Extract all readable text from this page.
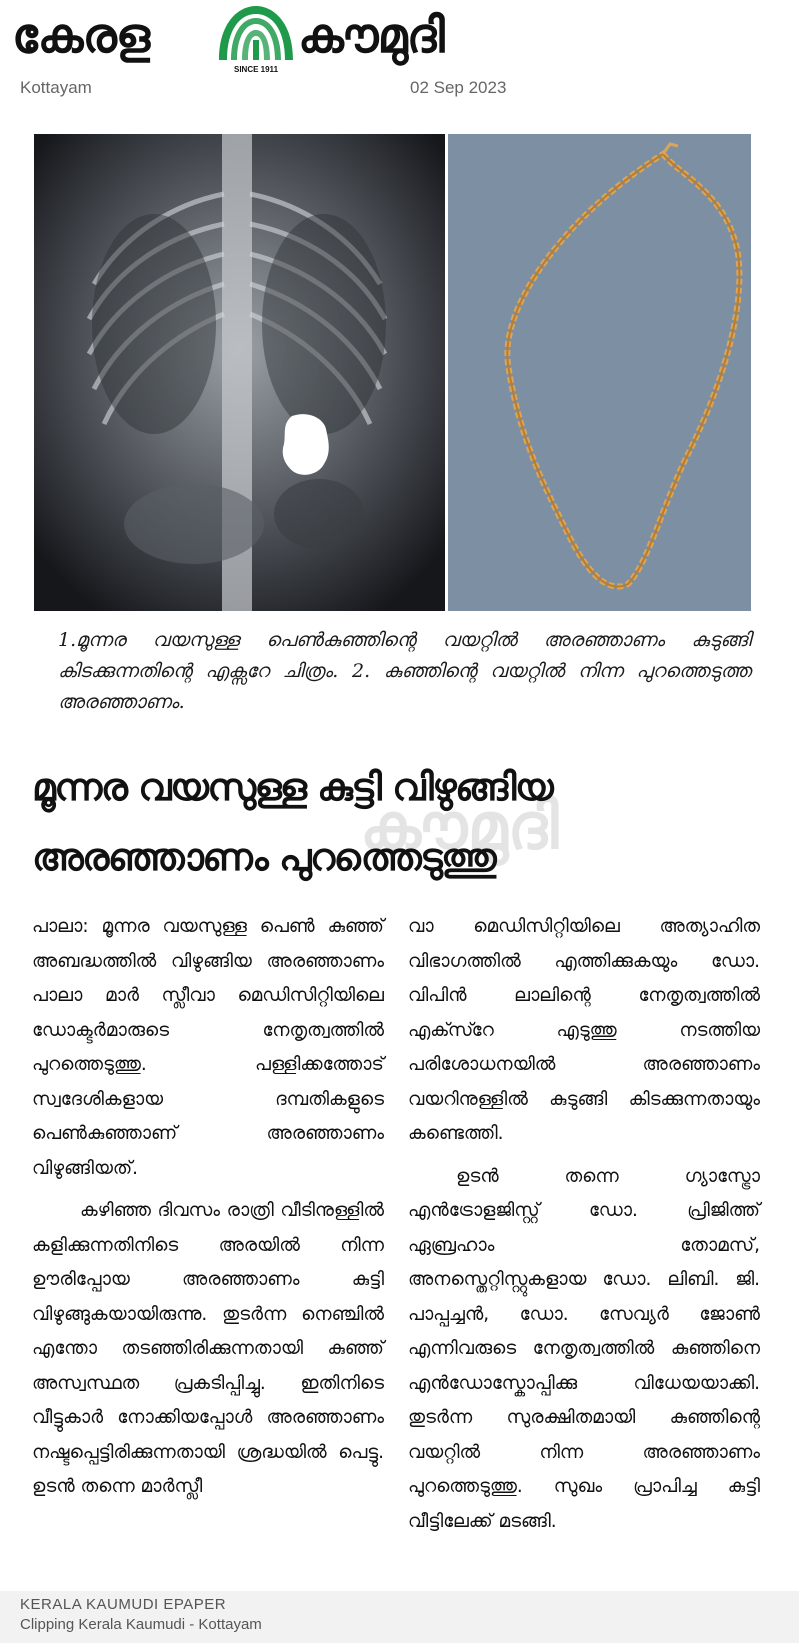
കേരള
SINCE 1911
കൗമുദി
Kottayam	02 Sep 2023
1.മൂന്നര വയസുള്ള പെൺകുഞ്ഞിന്റെ വയറ്റിൽ അരഞ്ഞാണം കുടുങ്ങി കിടക്കുന്നതിന്റെ എക്സറേ ചിത്രം. 2. കുഞ്ഞിന്റെ വയറ്റിൽ നിന്ന പുറത്തെടുത്ത അരഞ്ഞാണം.
കൗമുദി
മൂന്നര വയസുള്ള കുട്ടി വിഴുങ്ങിയ
അരഞ്ഞാണം പുറത്തെടുത്തു

പാലാ: മൂന്നര വയസുള്ള പെൺ കുഞ്ഞ് അബദ്ധത്തിൽ വിഴുങ്ങിയ അരഞ്ഞാണം പാലാ മാർ സ്ലീവാ മെഡിസിറ്റിയിലെ ഡോക്ടർമാരുടെ നേതൃത്വത്തിൽ പുറത്തെടുത്തു. പള്ളിക്കത്തോട് സ്വദേശികളായ ദമ്പതികളുടെ പെൺകുഞ്ഞാണ് അരഞ്ഞാണം വിഴുങ്ങിയത്.

കഴിഞ്ഞ ദിവസം രാത്രി വീടിനുള്ളിൽ കളിക്കുന്നതിനിടെ അരയിൽ നിന്ന ഊരിപ്പോയ അരഞ്ഞാണം കുട്ടി വിഴുങ്ങുകയായിരുന്നു. തുടർന്ന നെഞ്ചിൽ എന്തോ തടഞ്ഞിരിക്കുന്നതായി കുഞ്ഞ് അസ്വസ്ഥത പ്രകടിപ്പിച്ചു. ഇതിനിടെ വീട്ടുകാർ നോക്കിയപ്പോൾ അരഞ്ഞാണം നഷ്ടപ്പെട്ടിരിക്കുന്നതായി ശ്രദ്ധയിൽ പെട്ടു. ഉടൻ തന്നെ മാർസ്ലീ

വാ മെഡിസിറ്റിയിലെ അത്യാഹിത വിഭാഗത്തിൽ എത്തിക്കുകയും ഡോ. വിപിൻ ലാലിന്റെ നേതൃത്വത്തിൽ എക്സ്റേ എടുത്തു നടത്തിയ പരിശോധനയിൽ അരഞ്ഞാണം വയറിനുള്ളിൽ കുടുങ്ങി കിടക്കുന്നതായും കണ്ടെത്തി.

ഉടൻ തന്നെ ഗ്യാസ്ട്രോ എൻട്രോളജിസ്റ്റ് ഡോ. പ്രിജിത്ത് ഏബ്രഹാം തോമസ്, അനസ്തെറ്റിസ്റ്റുകളായ ഡോ. ലിബി. ജി. പാപ്പച്ചൻ, ഡോ. സേവ്യർ ജോൺ എന്നിവരുടെ നേതൃത്വത്തിൽ കുഞ്ഞിനെ എൻഡോസ്കോപ്പിക്കു വിധേയയാക്കി. തുടർന്ന സുരക്ഷിതമായി കുഞ്ഞിന്റെ വയറ്റിൽ നിന്ന അരഞ്ഞാണം പുറത്തെടുത്തു. സുഖം പ്രാപിച്ച കുട്ടി വീട്ടിലേക്ക് മടങ്ങി.

KERALA KAUMUDI EPAPER
Clipping Kerala Kaumudi - Kottayam
